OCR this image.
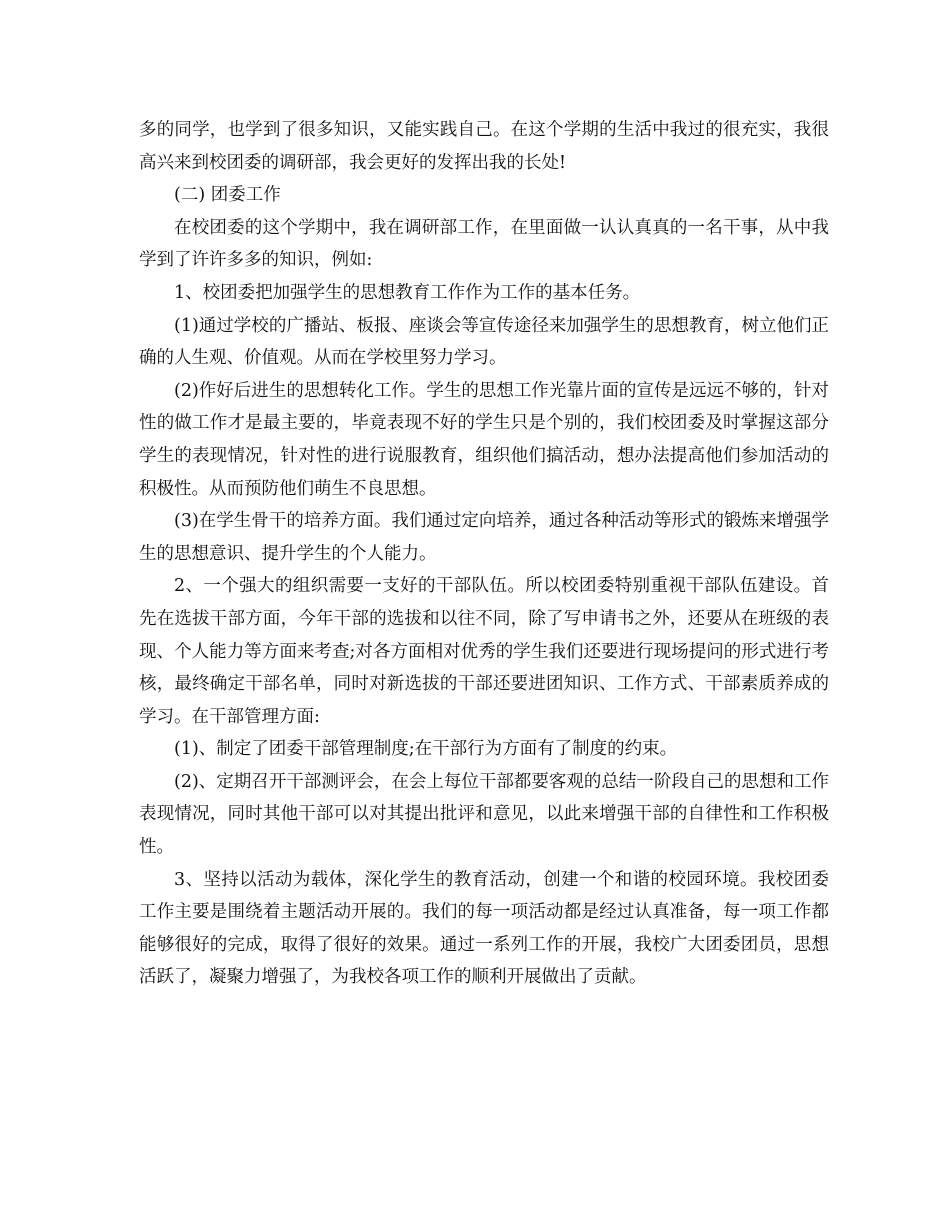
多的同学，也学到了很多知识，又能实践自己。在这个学期的生活中我过的很充实，我很高兴来到校团委的调研部，我会更好的发挥出我的长处!

(二) 团委工作

在校团委的这个学期中，我在调研部工作，在里面做一认认真真的一名干事，从中我学到了许许多多的知识，例如:

1、校团委把加强学生的思想教育工作作为工作的基本任务。

(1)通过学校的广播站、板报、座谈会等宣传途径来加强学生的思想教育，树立他们正确的人生观、价值观。从而在学校里努力学习。

(2)作好后进生的思想转化工作。学生的思想工作光靠片面的宣传是远远不够的，针对性的做工作才是最主要的，毕竟表现不好的学生只是个别的，我们校团委及时掌握这部分学生的表现情况，针对性的进行说服教育，组织他们搞活动，想办法提高他们参加活动的积极性。从而预防他们萌生不良思想。

(3)在学生骨干的培养方面。我们通过定向培养，通过各种活动等形式的锻炼来增强学生的思想意识、提升学生的个人能力。

2、一个强大的组织需要一支好的干部队伍。所以校团委特别重视干部队伍建设。首先在选拔干部方面，今年干部的选拔和以往不同，除了写申请书之外，还要从在班级的表现、个人能力等方面来考查;对各方面相对优秀的学生我们还要进行现场提问的形式进行考核，最终确定干部名单，同时对新选拔的干部还要进团知识、工作方式、干部素质养成的学习。在干部管理方面:

(1)、制定了团委干部管理制度;在干部行为方面有了制度的约束。

(2)、定期召开干部测评会，在会上每位干部都要客观的总结一阶段自己的思想和工作表现情况，同时其他干部可以对其提出批评和意见，以此来增强干部的自律性和工作积极性。

3、坚持以活动为载体，深化学生的教育活动，创建一个和谐的校园环境。我校团委工作主要是围绕着主题活动开展的。我们的每一项活动都是经过认真准备，每一项工作都能够很好的完成，取得了很好的效果。通过一系列工作的开展，我校广大团委团员，思想活跃了，凝聚力增强了，为我校各项工作的顺利开展做出了贡献。
